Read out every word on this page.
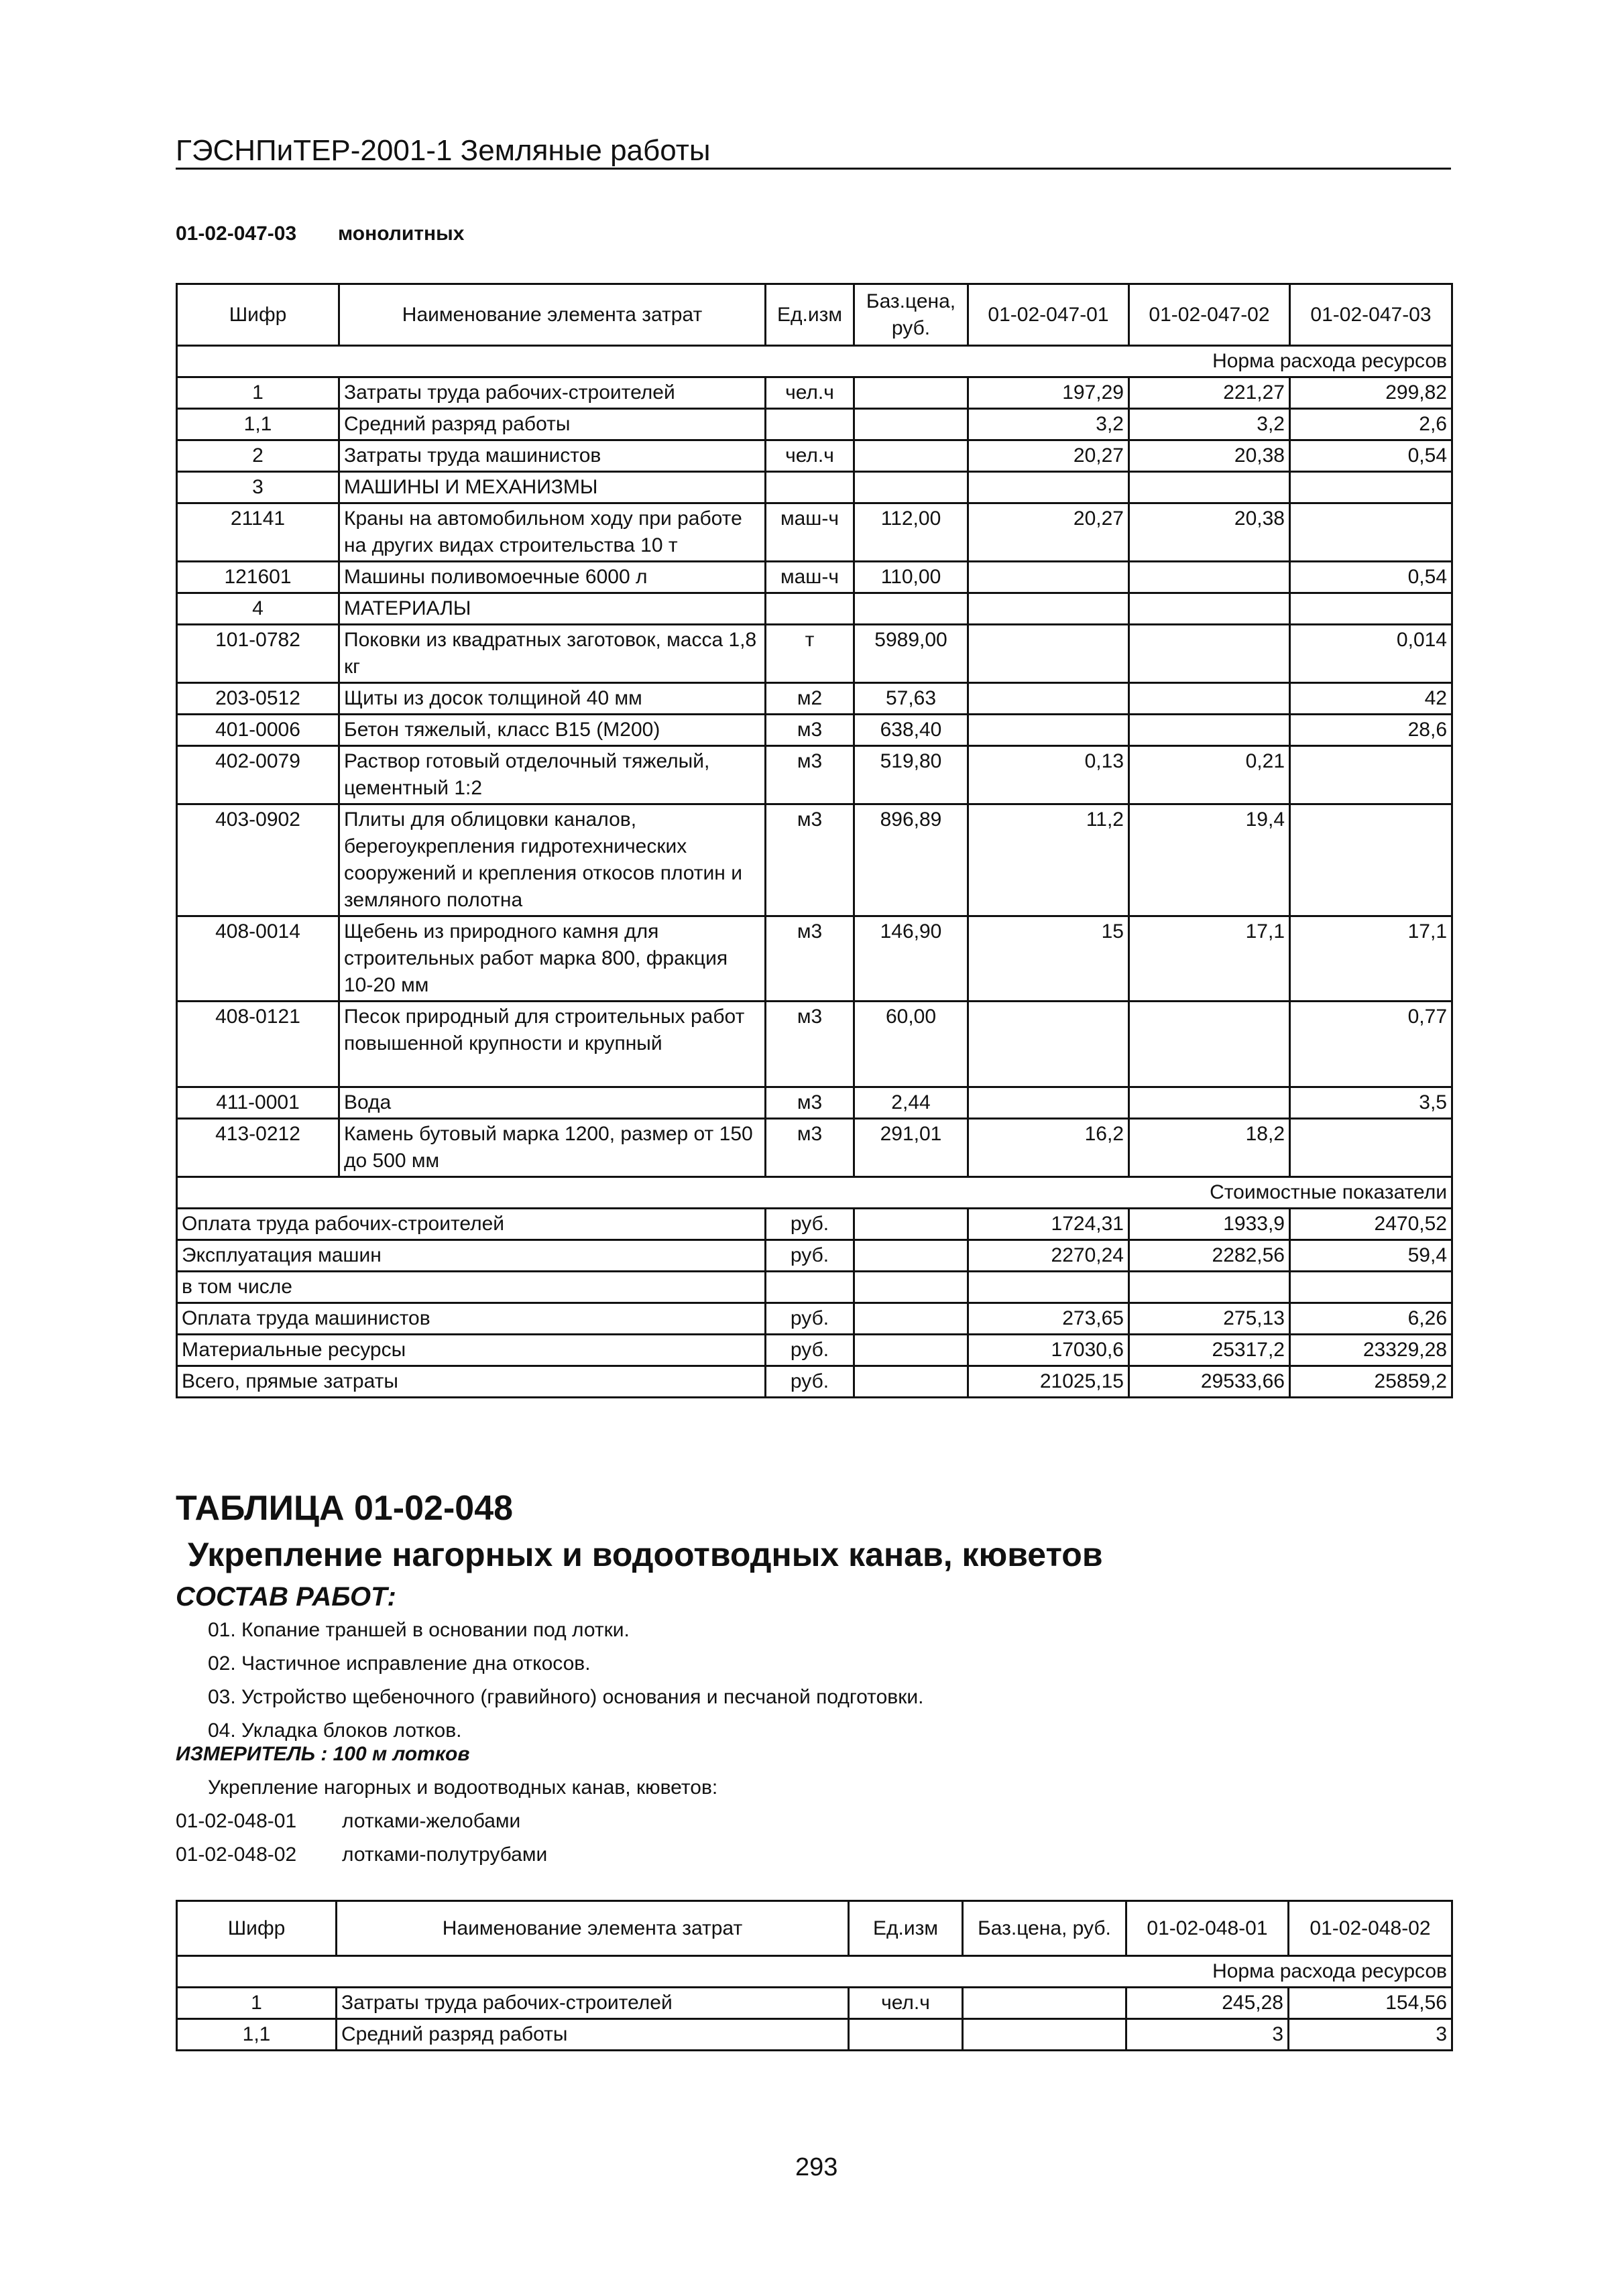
ГЭСНПиТЕР-2001-1 Земляные работы
01-02-047-03 монолитных
Шифр	Наименование элемента затрат	Ед.изм	Баз.цена, руб.	01-02-047-01	01-02-047-02	01-02-047-03
Норма расхода ресурсов						
1	Затраты труда рабочих-строителей	чел.ч		197,29	221,27	299,82
1,1	Средний разряд работы			3,2	3,2	2,6
2	Затраты труда машинистов	чел.ч		20,27	20,38	0,54
3	МАШИНЫ И МЕХАНИЗМЫ					
21141	Краны на автомобильном ходу при работе на других видах строительства 10 т	маш-ч	112,00	20,27	20,38	
121601	Машины поливомоечные 6000 л	маш-ч	110,00			0,54
4	МАТЕРИАЛЫ					
101-0782	Поковки из квадратных заготовок, масса 1,8 кг	т	5989,00			0,014
203-0512	Щиты из досок толщиной 40 мм	м2	57,63			42
401-0006	Бетон тяжелый, класс В15 (М200)	м3	638,40			28,6
402-0079	Раствор готовый отделочный тяжелый, цементный 1:2	м3	519,80	0,13	0,21	
403-0902	Плиты для облицовки каналов, берегоукрепления гидротехнических сооружений и крепления откосов плотин и земляного полотна	м3	896,89	11,2	19,4	
408-0014	Щебень из природного камня для строительных работ марка 800, фракция 10-20 мм	м3	146,90	15	17,1	17,1
408-0121	Песок природный для строительных работ повышенной крупности и крупный	м3	60,00			0,77
411-0001	Вода	м3	2,44			3,5
413-0212	Камень бутовый марка 1200, размер от 150 до 500 мм	м3	291,01	16,2	18,2	
Стоимостные показатели						
Оплата труда рабочих-строителей		руб.		1724,31	1933,9	2470,52
Эксплуатация машин		руб.		2270,24	2282,56	59,4
в том числе						
Оплата труда машинистов		руб.		273,65	275,13	6,26
Материальные ресурсы		руб.		17030,6	25317,2	23329,28
Всего, прямые затраты		руб.		21025,15	29533,66	25859,2
ТАБЛИЦА 01-02-048
Укрепление нагорных и водоотводных канав, кюветов
СОСТАВ РАБОТ:
01. Копание траншей в основании под лотки.
02. Частичное исправление дна откосов.
03. Устройство щебеночного (гравийного) основания и песчаной подготовки.
04. Укладка блоков лотков.
ИЗМЕРИТЕЛЬ : 100 м лотков
Укрепление нагорных и водоотводных канав, кюветов:
01-02-048-01 лотками-желобами
01-02-048-02 лотками-полутрубами
Шифр	Наименование элемента затрат	Ед.изм	Баз.цена, руб.	01-02-048-01	01-02-048-02
Норма расхода ресурсов					
1	Затраты труда рабочих-строителей	чел.ч		245,28	154,56
1,1	Средний разряд работы			3	3
293
